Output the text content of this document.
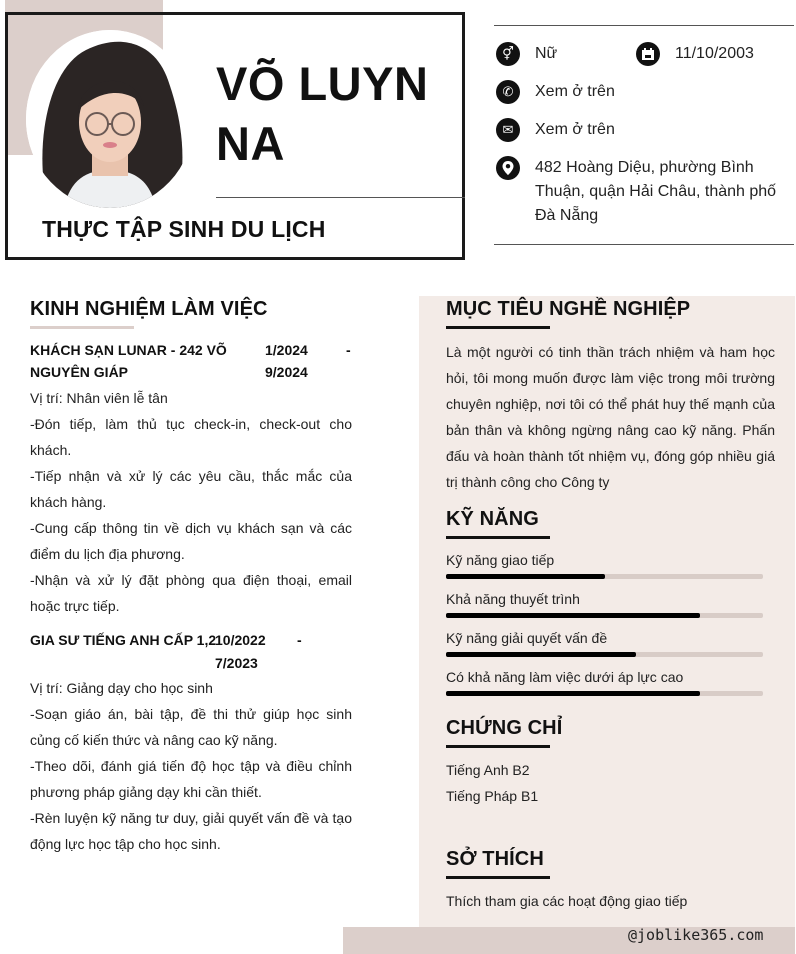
VÕ LUYN NA
THỰC TẬP SINH DU LỊCH
⚥	Nữ	11/10/2003
✆	Xem ở trên
✉	Xem ở trên
482 Hoàng Diệu, phường Bình Thuận, quận Hải Châu, thành phố Đà Nẵng
KINH NGHIỆM LÀM VIỆC
KHÁCH SẠN LUNAR - 242 VÕ
NGUYÊN GIÁP
1/2024	-
9/2024
Vị trí: Nhân viên lễ tân
-Đón tiếp, làm thủ tục check-in, check-out cho khách.
-Tiếp nhận và xử lý các yêu cầu, thắc mắc của khách hàng.
-Cung cấp thông tin về dịch vụ khách sạn và các điểm du lịch địa phương.
-Nhận và xử lý đặt phòng qua điện thoại, email hoặc trực tiếp.
GIA SƯ TIẾNG ANH CẤP 1,2
10/2022 -
7/2023
Vị trí: Giảng dạy cho học sinh
-Soạn giáo án, bài tập, đề thi thử giúp học sinh củng cố kiến thức và nâng cao kỹ năng.
-Theo dõi, đánh giá tiến độ học tập và điều chỉnh phương pháp giảng dạy khi cần thiết.
-Rèn luyện kỹ năng tư duy, giải quyết vấn đề và tạo động lực học tập cho học sinh.
MỤC TIÊU NGHỀ NGHIỆP
Là một người có tinh thần trách nhiệm và ham học hỏi, tôi mong muốn được làm việc trong môi trường chuyên nghiệp, nơi tôi có thể phát huy thế mạnh của bản thân và không ngừng nâng cao kỹ năng. Phấn đấu và hoàn thành tốt nhiệm vụ, đóng góp nhiều giá trị thành công cho Công ty
KỸ NĂNG
Kỹ năng giao tiếp
Khả năng thuyết trình
Kỹ năng giải quyết vấn đề
Có khả năng làm việc dưới áp lực cao
CHỨNG CHỈ
Tiếng Anh B2
Tiếng Pháp B1
SỞ THÍCH
Thích tham gia các hoạt động giao tiếp
@joblike365.com
